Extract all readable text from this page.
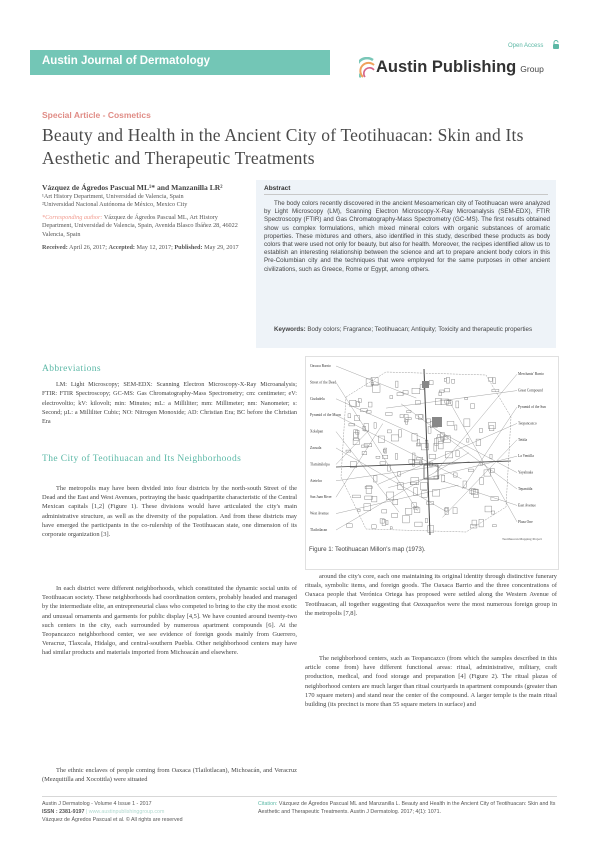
Austin Journal of Dermatology
Open Access
Austin Publishing Group
Special Article - Cosmetics
Beauty and Health in the Ancient City of Teotihuacan: Skin and Its Aesthetic and Therapeutic Treatments

Vázquez de Ágredos Pascual ML¹* and Manzanilla LR²

¹Art History Department, Universidad de Valencia, Spain

²Universidad Nacional Autónoma de México, Mexico City

*Corresponding author: Vázquez de Ágredos Pascual ML, Art History Department, Universidad de Valencia, Spain, Avenida Blasco Ibáñez 28, 46022 Valencia, Spain

Received: April 26, 2017; Accepted: May 12, 2017; Published: May 29, 2017

Abstract
The body colors recently discovered in the ancient Mesoamerican city of Teotihuacan were analyzed by Light Microscopy (LM), Scanning Electron Microscopy-X-Ray Microanalysis (SEM-EDX), FTIR Spectroscopy (FTIR) and Gas Chromatography-Mass Spectrometry (GC-MS). The first results obtained show us complex formulations, which mixed mineral colors with organic substances of aromatic properties. These mixtures and others, also identified in this study, described these products as body colors that were used not only for beauty, but also for health. Moreover, the recipes identified allow us to establish an interesting relationship between the science and art to prepare ancient body colors in this Pre-Columbian city and the techniques that were employed for the same purposes in other ancient civilizations, such as Greece, Rome or Egypt, among others.
Keywords: Body colors; Fragrance; Teotihuacan; Antiquity; Toxicity and therapeutic properties
Abbreviations
LM: Light Microscopy; SEM-EDX: Scanning Electron Microscopy-X-Ray Microanalysis; FTIR: FTIR Spectroscopy; GC-MS: Gas Chromatography-Mass Spectrometry; cm: centimeter; eV: electrovoltio; kV: kilovolt; min: Minutes; mL: a Milliliter; mm: Millimeter; nm: Nanometer; s: Second; µL: a Milliliter Cubic; NO: Nitrogen Monoxide; AD: Christian Era; BC before the Christian Era
The City of Teotihuacan and Its Neighborhoods

The metropolis may have been divided into four districts by the north-south Street of the Dead and the East and West Avenues, portraying the basic quadripartite characteristic of the Central Mexican capitals [1,2] (Figure 1). These divisions would have articulated the city's main administrative structure, as well as the diversity of the population. And from these districts may have emerged the participants in the co-rulership of the Teotihuacan state, one dimension of its corporate organization [3].

In each district were different neighborhoods, which constituted the dynamic social units of Teotihuacan society. These neighborhoods had coordination centers, probably headed and managed by the intermediate elite, an entrepreneurial class who competed to bring to the city the most exotic and unusual ornaments and garments for public display [4,5]. We have counted around twenty-two such centers in the city, each surrounded by numerous apartment compounds [6]. At the Teopancazco neighborhood center, we see evidence of foreign goods mainly from Guerrero, Veracruz, Tlaxcala, Hidalgo, and central-southern Puebla. Other neighborhood centers may have had similar products and materials imported from Michoacán and elsewhere.

The ethnic enclaves of people coming from Oaxaca (Tlailotlacan), Michoacán, and Veracruz (Mezquitilla and Xocotitla) were situated

Oaxaca Barrio
Merchants' Barrio
Street of the Dead
Great Compound
Ciudadela
Pyramid of the Sun
Pyramid of the Moon
Teopancazco
Xolalpan
Tetitla
Zacuala
La Ventilla
Tlamimilolpa
Yayahuala
Atetelco
Tepantitla
San Juan River
East Avenue
West Avenue
Plaza One
Tlailotlacan
Teotihuacan Mapping Project
Figure 1: Teotihuacan Millon's map (1973).

around the city's core, each one maintaining its original identity through distinctive funerary rituals, symbolic items, and foreign goods. The Oaxaca Barrio and the three concentrations of Oaxaca people that Verónica Ortega has proposed were settled along the Western Avenue of Teotihuacan, all together suggesting that Oaxaqueños were the most numerous foreign group in the metropolis [7,8].

The neighborhood centers, such as Teopancazco (from which the samples described in this article come from) have different functional areas: ritual, administrative, military, craft production, medical, and food storage and preparation [4] (Figure 2). The ritual plazas of neighborhood centers are much larger than ritual courtyards in apartment compounds (greater than 170 square meters) and stand near the center of the compound. A larger temple is the main ritual building (its precinct is more than 55 square meters in surface) and

Austin J Dermatolog - Volume 4 Issue 1 - 2017

ISSN : 2381-9197 | www.austinpublishinggroup.com

Vázquez de Ágredos Pascual et al. © All rights are reserved

Citation: Vázquez de Ágredos Pascual ML and Manzanilla L. Beauty and Health in the Ancient City of Teotihuacan: Skin and Its Aesthetic and Therapeutic Treatments. Austin J Dermatolog. 2017; 4(1): 1071.
